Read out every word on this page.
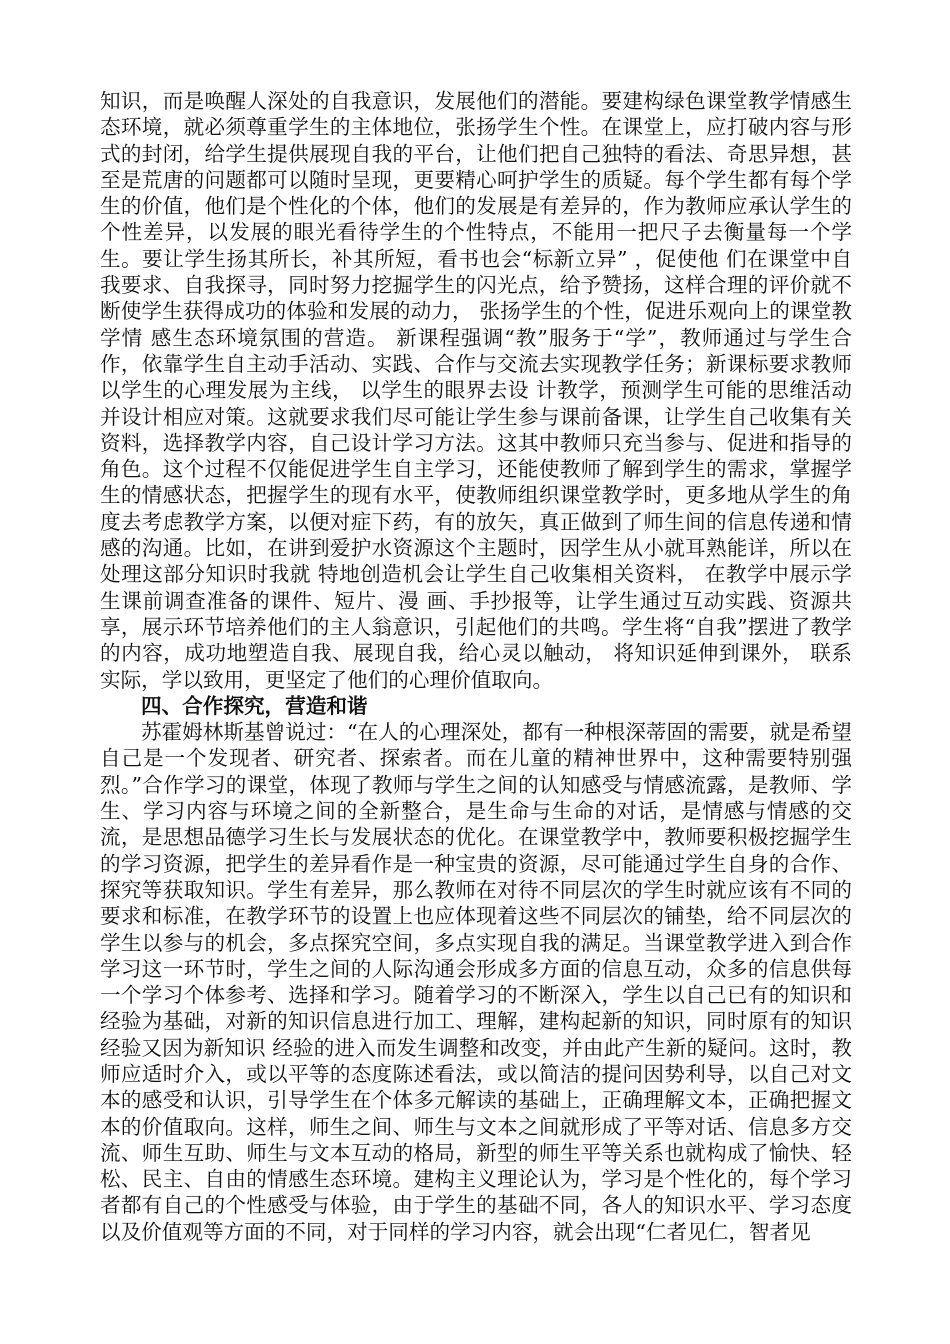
知识，而是唤醒人深处的自我意识，发展他们的潜能。要建构绿色课堂教学情感生态环境，就必须尊重学生的主体地位，张扬学生个性。在课堂上，应打破内容与形式的封闭，给学生提供展现自我的平台，让他们把自己独特的看法、奇思异想，甚至是荒唐的问题都可以随时呈现，更要精心呵护学生的质疑。每个学生都有每个学生的价值，他们是个性化的个体，他们的发展是有差异的，作为教师应承认学生的个性差异，以发展的眼光看待学生的个性特点，不能用一把尺子去衡量每一个学生。要让学生扬其所长，补其所短，看书也会“标新立异” ，促使他 们在课堂中自我要求、自我探寻，同时努力挖掘学生的闪光点，给予赞扬，这样合理的评价就不断使学生获得成功的体验和发展的动力， 张扬学生的个性，促进乐观向上的课堂教学情 感生态环境氛围的营造。 新课程强调“教”服务于“学”，教师通过与学生合作，依靠学生自主动手活动、实践、合作与交流去实现教学任务；新课标要求教师以学生的心理发展为主线， 以学生的眼界去设 计教学，预测学生可能的思维活动并设计相应对策。这就要求我们尽可能让学生参与课前备课，让学生自己收集有关资料，选择教学内容，自己设计学习方法。这其中教师只充当参与、促进和指导的角色。这个过程不仅能促进学生自主学习，还能使教师了解到学生的需求，掌握学生的情感状态，把握学生的现有水平，使教师组织课堂教学时，更多地从学生的角度去考虑教学方案，以便对症下药，有的放矢，真正做到了师生间的信息传递和情感的沟通。比如，在讲到爱护水资源这个主题时，因学生从小就耳熟能详，所以在处理这部分知识时我就 特地创造机会让学生自己收集相关资料， 在教学中展示学生课前调查准备的课件、短片、漫 画、手抄报等，让学生通过互动实践、资源共享，展示环节培养他们的主人翁意识，引起他们的共鸣。学生将“自我”摆进了教学的内容，成功地塑造自我、展现自我，给心灵以触动， 将知识延伸到课外， 联系实际，学以致用，更坚定了他们的心理价值取向。

四、合作探究，营造和谐

苏霍姆林斯基曾说过：“在人的心理深处，都有一种根深蒂固的需要，就是希望自己是一个发现者、研究者、探索者。而在儿童的精神世界中，这种需要特别强烈。”合作学习的课堂，体现了教师与学生之间的认知感受与情感流露，是教师、学生、学习内容与环境之间的全新整合，是生命与生命的对话，是情感与情感的交流，是思想品德学习生长与发展状态的优化。在课堂教学中，教师要积极挖掘学生的学习资源，把学生的差异看作是一种宝贵的资源，尽可能通过学生自身的合作、探究等获取知识。学生有差异，那么教师在对待不同层次的学生时就应该有不同的要求和标准，在教学环节的设置上也应体现着这些不同层次的铺垫，给不同层次的学生以参与的机会，多点探究空间，多点实现自我的满足。当课堂教学进入到合作学习这一环节时，学生之间的人际沟通会形成多方面的信息互动，众多的信息供每一个学习个体参考、选择和学习。随着学习的不断深入，学生以自己已有的知识和经验为基础，对新的知识信息进行加工、理解，建构起新的知识，同时原有的知识经验又因为新知识 经验的进入而发生调整和改变，并由此产生新的疑问。这时，教师应适时介入，或以平等的态度陈述看法，或以简洁的提问因势利导，以自己对文本的感受和认识，引导学生在个体多元解读的基础上，正确理解文本，正确把握文本的价值取向。这样，师生之间、师生与文本之间就形成了平等对话、信息多方交流、师生互助、师生与文本互动的格局，新型的师生平等关系也就构成了愉快、轻松、民主、自由的情感生态环境。建构主义理论认为，学习是个性化的，每个学习者都有自己的个性感受与体验，由于学生的基础不同，各人的知识水平、学习态度以及价值观等方面的不同，对于同样的学习内容，就会出现“仁者见仁，智者见
